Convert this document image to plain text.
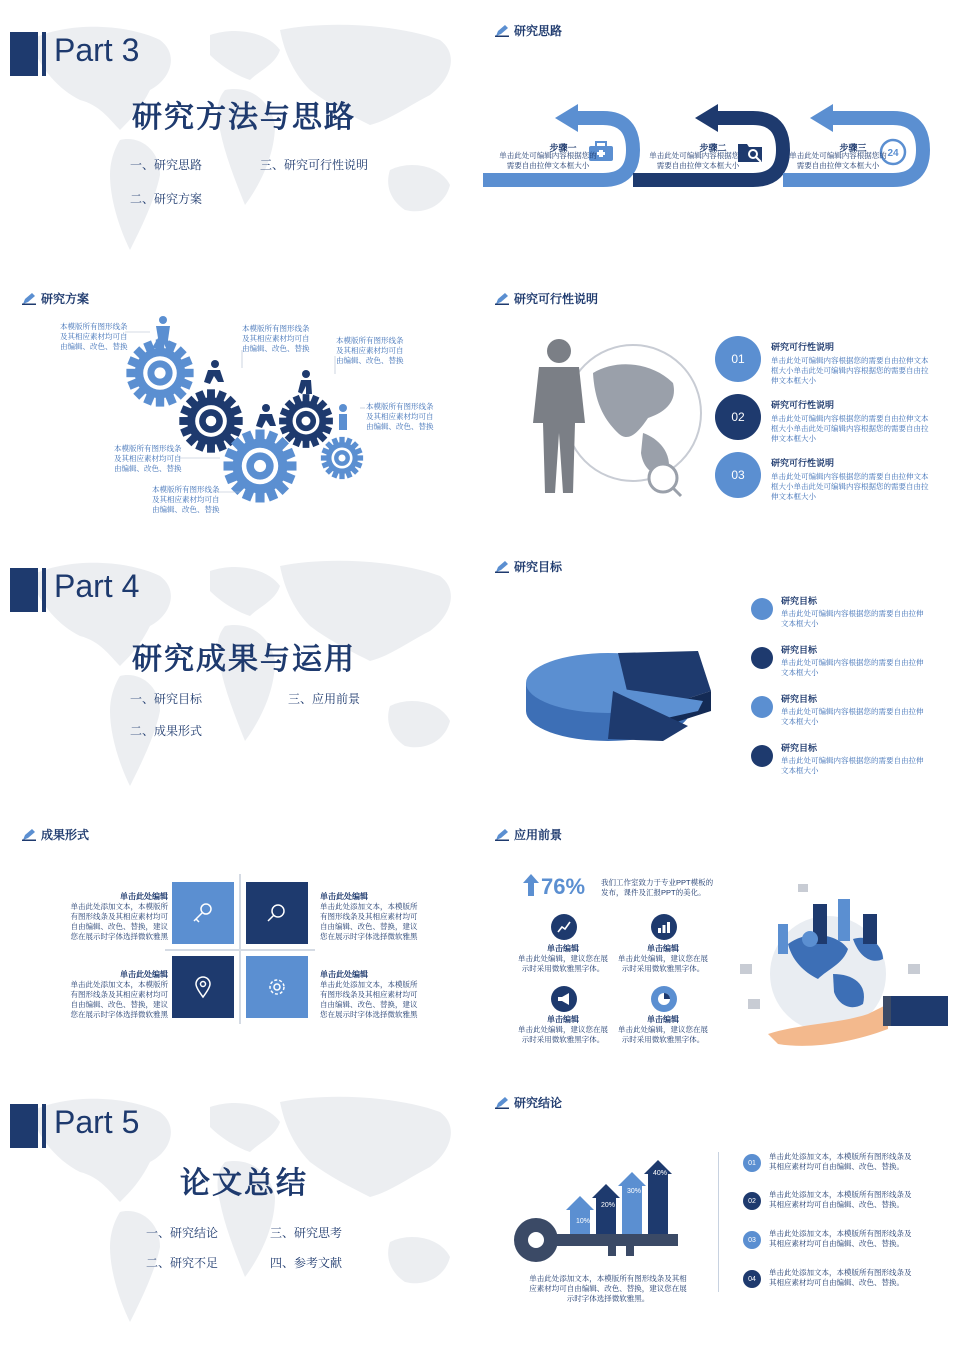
Part 3
研究方法与思路
一、研究思路	三、研究可行性说明
二、研究方案
研究思路
24
步骤一
单击此处可编辑内容根据您的
需要自由拉伸文本框大小
步骤二
单击此处可编辑内容根据您的
需要自由拉伸文本框大小
步骤三
单击此处可编辑内容根据您的
需要自由拉伸文本框大小
研究方案
本模版所有图形线条
及其相应素材均可自
由编辑、改色、替换
本模版所有图形线条
及其相应素材均可自
由编辑、改色、替换
本模版所有图形线条
及其相应素材均可自
由编辑、改色、替换
本模版所有图形线条
及其相应素材均可自
由编辑、改色、替换
本模版所有图形线条
及其相应素材均可自
由编辑、改色、替换
本模版所有图形线条
及其相应素材均可自
由编辑、改色、替换
研究可行性说明
01
02
03
研究可行性说明
单击此处可编辑内容根据您的需要自由拉伸文本
框大小单击此处可编辑内容根据您的需要自由拉
伸文本框大小
研究可行性说明
单击此处可编辑内容根据您的需要自由拉伸文本
框大小单击此处可编辑内容根据您的需要自由拉
伸文本框大小
研究可行性说明
单击此处可编辑内容根据您的需要自由拉伸文本
框大小单击此处可编辑内容根据您的需要自由拉
伸文本框大小
Part 4
研究成果与运用
一、研究目标	三、应用前景
二、成果形式
研究目标
研究目标
单击此处可编辑内容根据您的需要自由拉伸
文本框大小
研究目标
单击此处可编辑内容根据您的需要自由拉伸
文本框大小
研究目标
单击此处可编辑内容根据您的需要自由拉伸
文本框大小
研究目标
单击此处可编辑内容根据您的需要自由拉伸
文本框大小
成果形式
单击此处编辑
单击此处添加文本，本模版所
有图形线条及其相应素材均可
自由编辑、改色、替换，建议
您在展示时字体选择微软雅黑
单击此处编辑
单击此处添加文本，本模版所
有图形线条及其相应素材均可
自由编辑、改色、替换，建议
您在展示时字体选择微软雅黑
单击此处编辑
单击此处添加文本，本模版所
有图形线条及其相应素材均可
自由编辑、改色、替换，建议
您在展示时字体选择微软雅黑
单击此处编辑
单击此处添加文本，本模版所
有图形线条及其相应素材均可
自由编辑、改色、替换，建议
您在展示时字体选择微软雅黑
应用前景
76% 我们工作室致力于专业PPT模板的
发布，课件及汇报PPT的美化。
单击编辑
单击此处编辑，建议您在展
示时采用微软雅黑字体。
单击编辑
单击此处编辑，建议您在展
示时采用微软雅黑字体。
单击编辑
单击此处编辑，建议您在展
示时采用微软雅黑字体。
单击编辑
单击此处编辑，建议您在展
示时采用微软雅黑字体。
Part 5
论文总结
一、研究结论	三、研究思考
二、研究不足	四、参考文献
研究结论
10%
20%
30%
40%
单击此处添加文本，本模版所有图形线条及其相
应素材均可自由编辑、改色、替换，建议您在展
示时字体选择微软雅黑。
01
02
03
04
单击此处添加文本，本模版所有图形线条及
其相应素材均可自由编辑、改色、替换。
单击此处添加文本，本模版所有图形线条及
其相应素材均可自由编辑、改色、替换。
单击此处添加文本，本模版所有图形线条及
其相应素材均可自由编辑、改色、替换。
单击此处添加文本，本模版所有图形线条及
其相应素材均可自由编辑、改色、替换。
